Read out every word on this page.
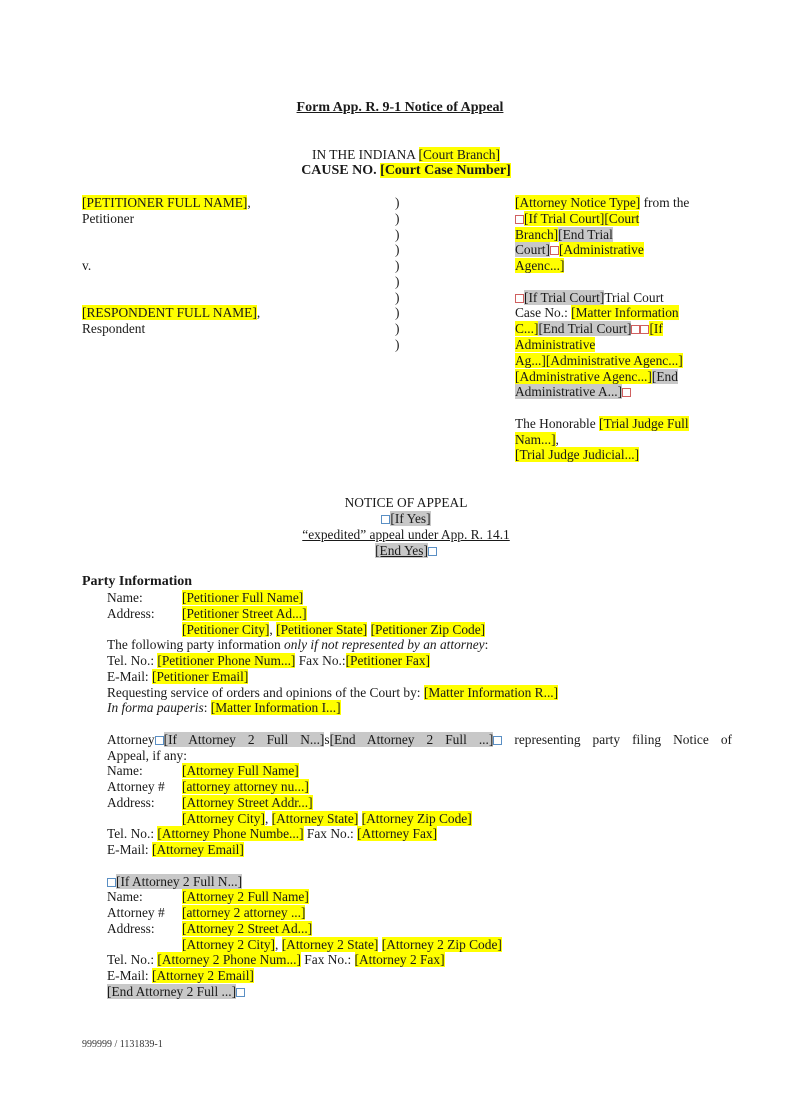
Form App. R. 9-1 Notice of Appeal
IN THE INDIANA [Court Branch]
CAUSE NO. [Court Case Number]
[PETITIONER FULL NAME],
Petitioner
v.
[RESPONDENT FULL NAME],
Respondent
)
)
)
)
)
)
)
)
)
)
[Attorney Notice Type] from the
[If Trial Court][Court
Branch][End Trial
Court] [Administrative
Agenc...]
[If Trial Court]Trial Court
Case No.: [Matter Information
C...][End Trial Court] [If
Administrative
Ag...][Administrative Agenc...]
[Administrative Agenc...][End
Administrative A...]
The Honorable [Trial Judge Full
Nam...],
[Trial Judge Judicial...]
NOTICE OF APPEAL
[If Yes]
“expedited” appeal under App. R. 14.1
[End Yes]
Party Information
Name:	[Petitioner Full Name]
Address: [Petitioner Street Ad...]
[Petitioner City], [Petitioner State] [Petitioner Zip Code]
The following party information only if not represented by an attorney:
Tel. No.: [Petitioner Phone Num...] Fax No.:[Petitioner Fax]
E-Mail: [Petitioner Email]
Requesting service of orders and opinions of the Court by: [Matter Information R...]
In forma pauperis: [Matter Information I...]
Attorney [If Attorney 2 Full N...]s[End Attorney 2 Full ...] representing party filing Notice of
Appeal, if any:
Name:	[Attorney Full Name]
Attorney # [attorney attorney nu...]
Address: [Attorney Street Addr...]
[Attorney City], [Attorney State] [Attorney Zip Code]
Tel. No.: [Attorney Phone Numbe...] Fax No.: [Attorney Fax]
E-Mail: [Attorney Email]
[If Attorney 2 Full N...]
Name:	[Attorney 2 Full Name]
Attorney # [attorney 2 attorney ...]
Address: [Attorney 2 Street Ad...]
[Attorney 2 City], [Attorney 2 State] [Attorney 2 Zip Code]
Tel. No.: [Attorney 2 Phone Num...] Fax No.: [Attorney 2 Fax]
E-Mail: [Attorney 2 Email]
[End Attorney 2 Full ...]
999999 / 1131839-1
